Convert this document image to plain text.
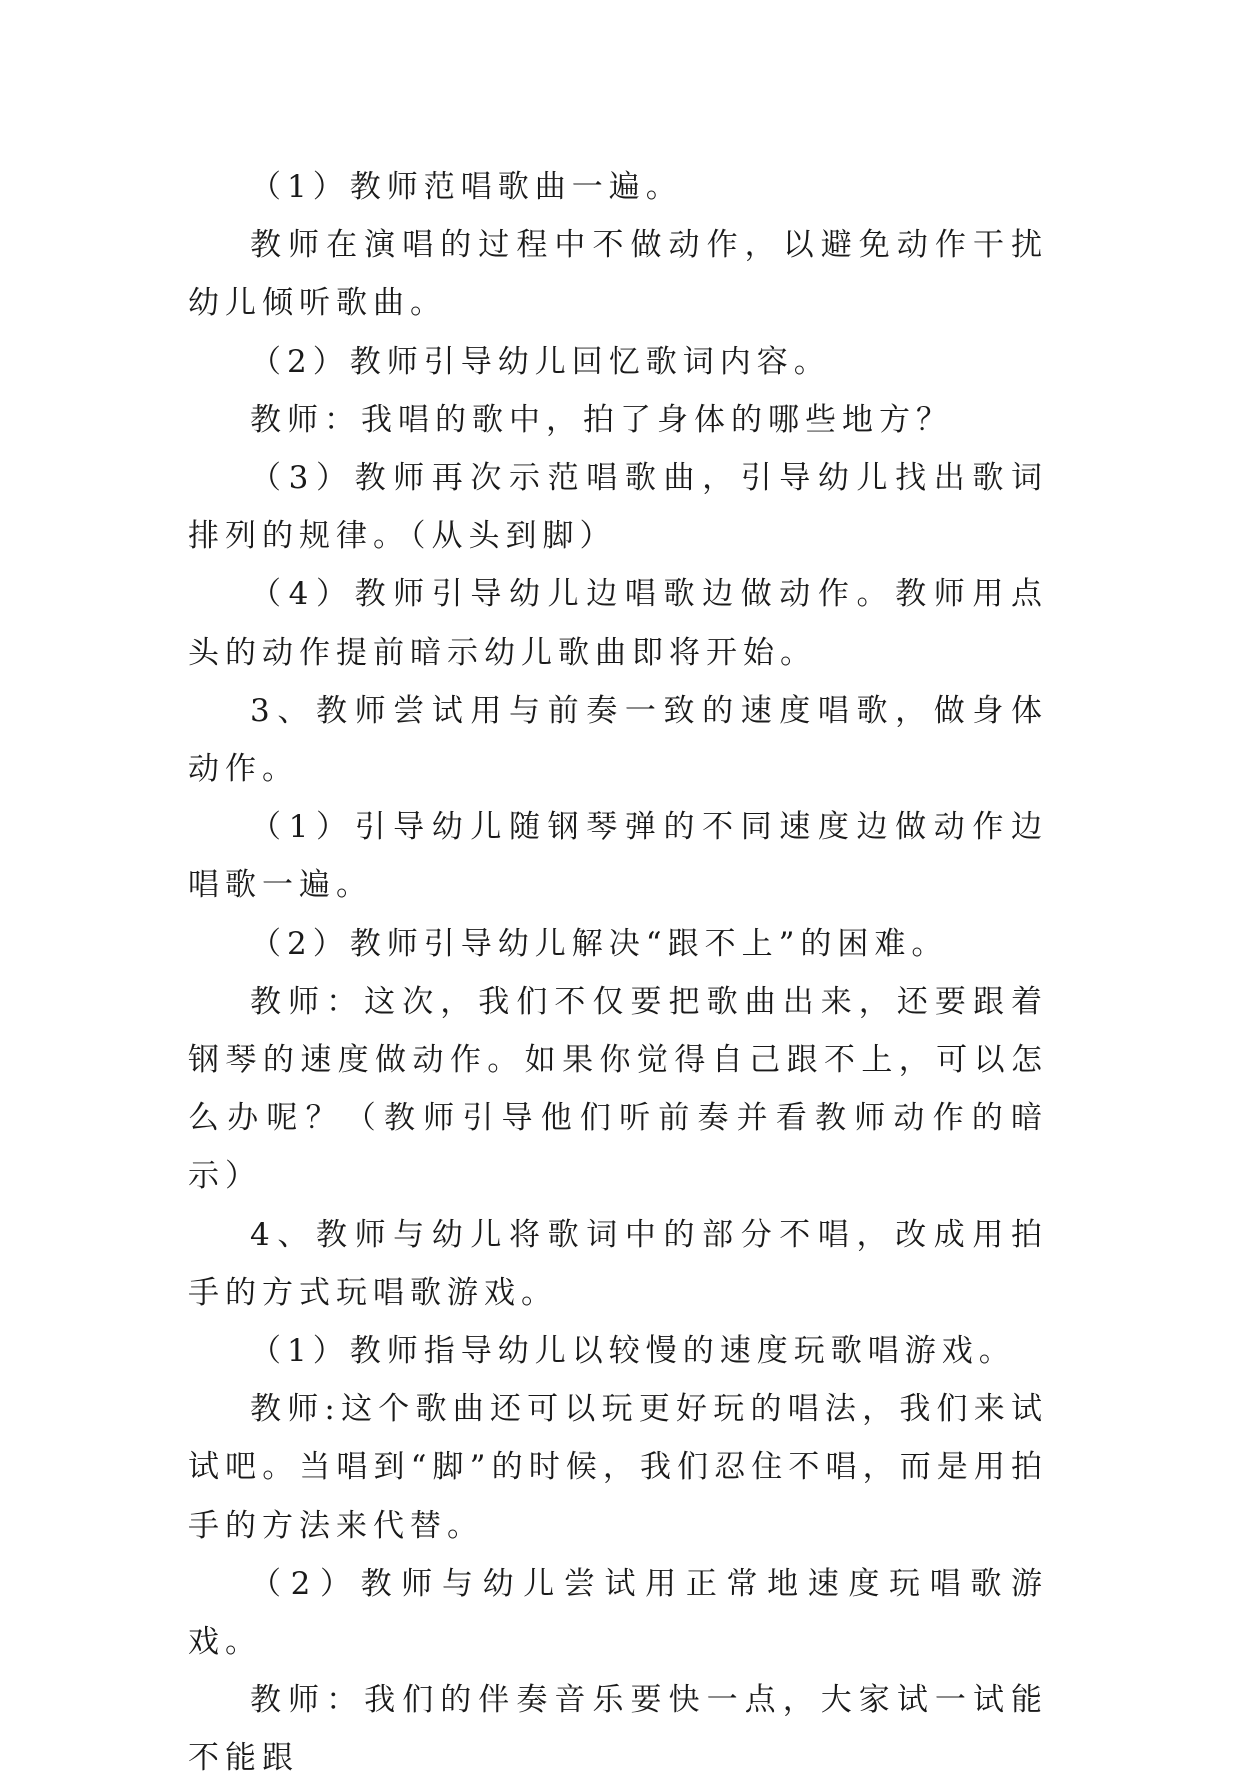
（1）教师范唱歌曲一遍。

教师在演唱的过程中不做动作，以避免动作干扰幼儿倾听歌曲。

（2）教师引导幼儿回忆歌词内容。

教师：我唱的歌中，拍了身体的哪些地方？

（3）教师再次示范唱歌曲，引导幼儿找出歌词排列的规律。（从头到脚）

（4）教师引导幼儿边唱歌边做动作。教师用点头的动作提前暗示幼儿歌曲即将开始。

3、教师尝试用与前奏一致的速度唱歌，做身体动作。

（1）引导幼儿随钢琴弹的不同速度边做动作边唱歌一遍。

（2）教师引导幼儿解决“跟不上”的困难。

教师：这次，我们不仅要把歌曲出来，还要跟着钢琴的速度做动作。如果你觉得自己跟不上，可以怎么办呢？（教师引导他们听前奏并看教师动作的暗示）

4、教师与幼儿将歌词中的部分不唱，改成用拍手的方式玩唱歌游戏。

（1）教师指导幼儿以较慢的速度玩歌唱游戏。

教师:这个歌曲还可以玩更好玩的唱法，我们来试试吧。当唱到“脚”的时候，我们忍住不唱，而是用拍手的方法来代替。

（2）教师与幼儿尝试用正常地速度玩唱歌游戏。

教师：我们的伴奏音乐要快一点，大家试一试能不能跟
